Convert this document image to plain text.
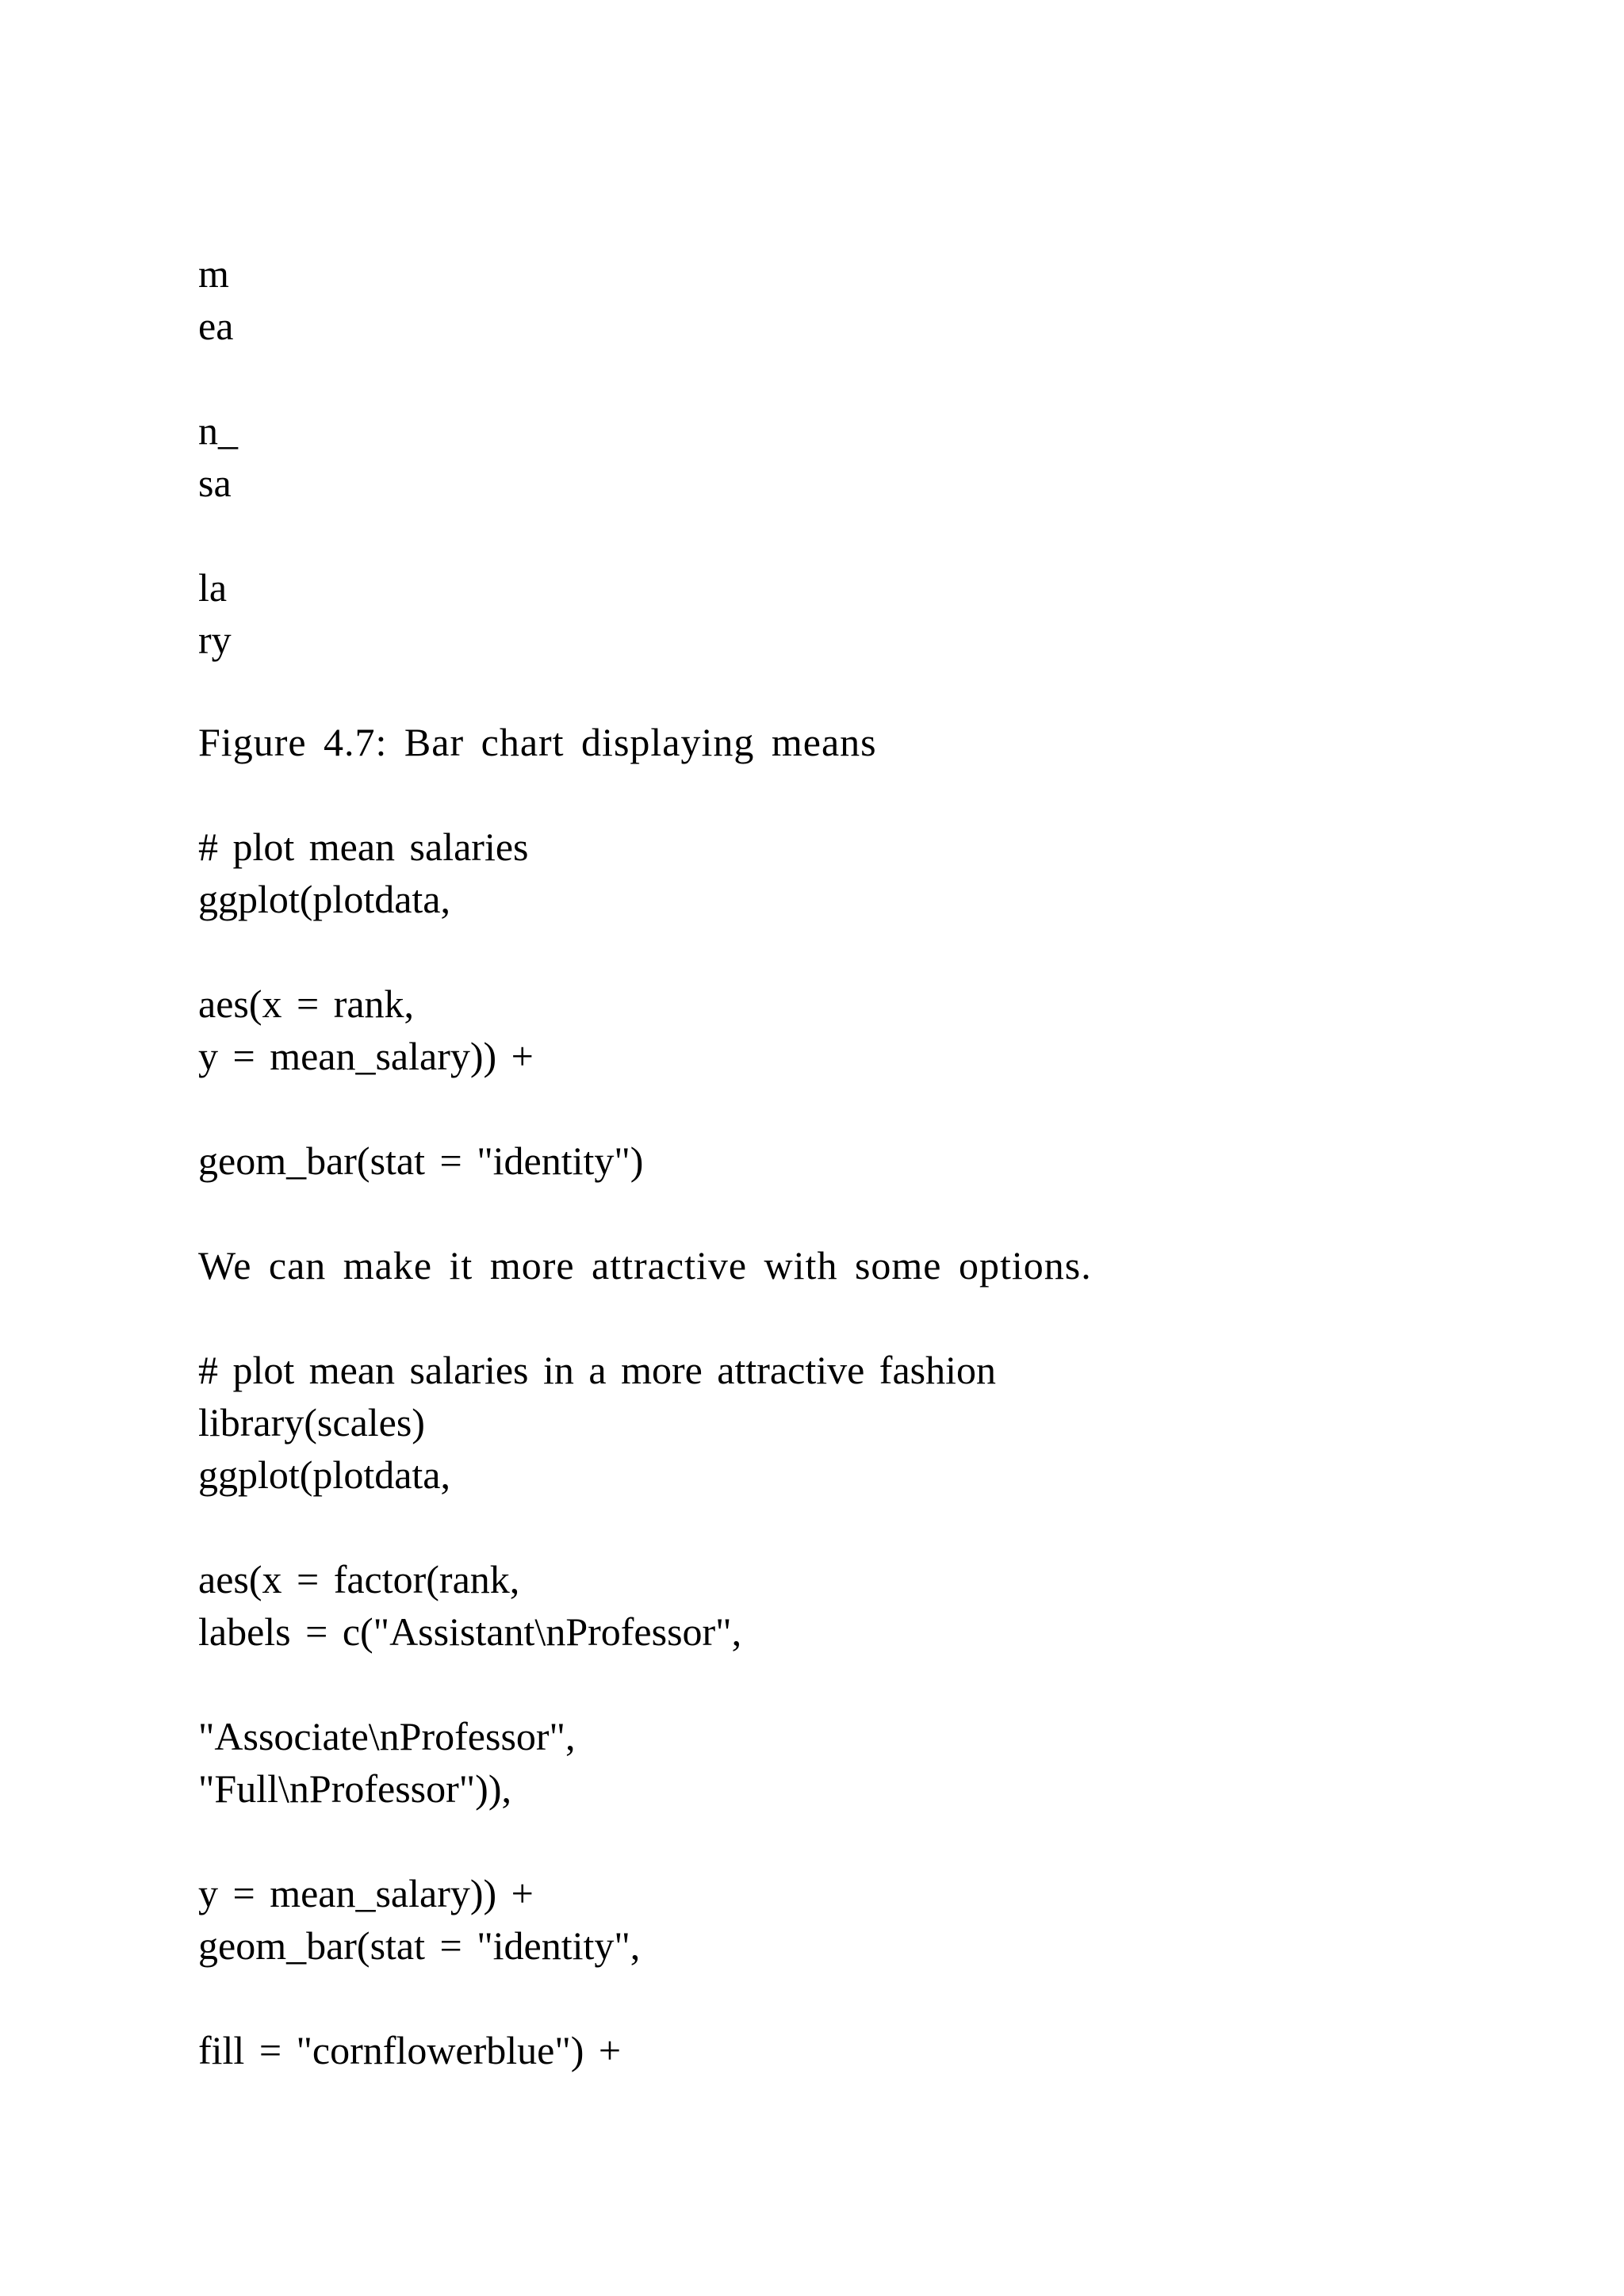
m

ea

n_

sa

la

ry

Figure 4.7: Bar chart displaying means

# plot mean salaries

ggplot(plotdata,

aes(x = rank,

y = mean_salary)) +

geom_bar(stat = "identity")

We can make it more attractive with some options.

# plot mean salaries in a more attractive fashion

library(scales)

ggplot(plotdata,

aes(x = factor(rank,

labels = c("Assistant\nProfessor",

"Associate\nProfessor",

"Full\nProfessor")),

y = mean_salary)) +

geom_bar(stat = "identity",

fill = "cornflowerblue") +
